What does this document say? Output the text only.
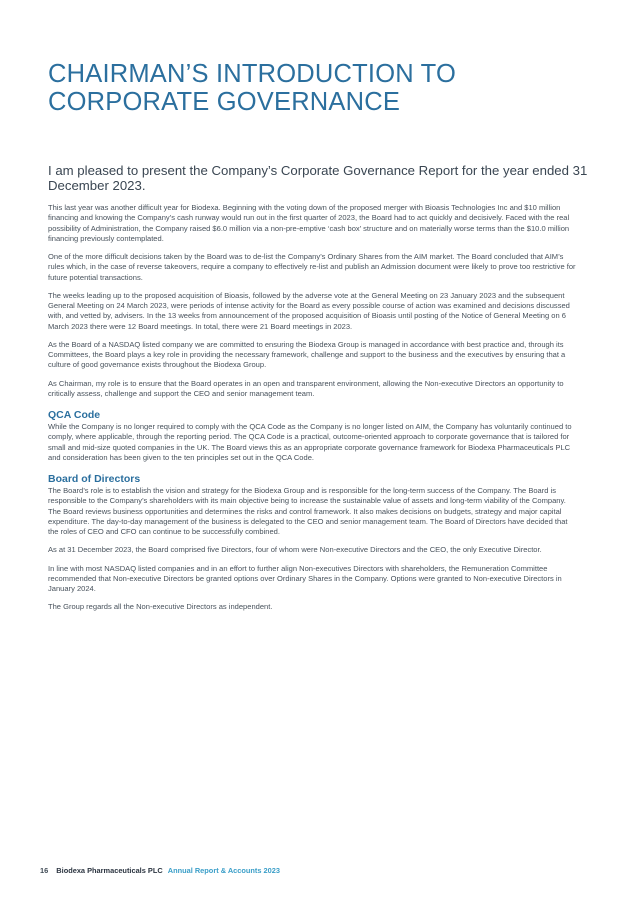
CHAIRMAN’S INTRODUCTION TO
CORPORATE GOVERNANCE

I am pleased to present the Company’s Corporate Governance Report for the year ended 31 December 2023.

This last year was another difficult year for Biodexa. Beginning with the voting down of the proposed merger with Bioasis Technologies Inc and $10 million financing and knowing the Company’s cash runway would run out in the first quarter of 2023, the Board had to act quickly and decisively. Faced with the real possibility of Administration, the Company raised $6.0 million via a non-pre-emptive ‘cash box’ structure and on materially worse terms than the $10.0 million financing previously contemplated.

One of the more difficult decisions taken by the Board was to de-list the Company’s Ordinary Shares from the AIM market. The Board concluded that AIM’s rules which, in the case of reverse takeovers, require a company to effectively re-list and publish an Admission document were likely to prove too restrictive for future potential transactions.

The weeks leading up to the proposed acquisition of Bioasis, followed by the adverse vote at the General Meeting on 23 January 2023 and the subsequent General Meeting on 24 March 2023, were periods of intense activity for the Board as every possible course of action was examined and decisions discussed with, and vetted by, advisers. In the 13 weeks from announcement of the proposed acquisition of Bioasis until posting of the Notice of General Meeting on 6 March 2023 there were 12 Board meetings. In total, there were 21 Board meetings in 2023.

As the Board of a NASDAQ listed company we are committed to ensuring the Biodexa Group is managed in accordance with best practice and, through its Committees, the Board plays a key role in providing the necessary framework, challenge and support to the business and the executives by ensuring that a culture of good governance exists throughout the Biodexa Group.

As Chairman, my role is to ensure that the Board operates in an open and transparent environment, allowing the Non-executive Directors an opportunity to critically assess, challenge and support the CEO and senior management team.

QCA Code

While the Company is no longer required to comply with the QCA Code as the Company is no longer listed on AIM, the Company has voluntarily continued to comply, where applicable, through the reporting period. The QCA Code is a practical, outcome-oriented approach to corporate governance that is tailored for small and mid-size quoted companies in the UK. The Board views this as an appropriate corporate governance framework for Biodexa Pharmaceuticals PLC and consideration has been given to the ten principles set out in the QCA Code.

Board of Directors

The Board’s role is to establish the vision and strategy for the Biodexa Group and is responsible for the long-term success of the Company. The Board is responsible to the Company’s shareholders with its main objective being to increase the sustainable value of assets and long-term viability of the Company. The Board reviews business opportunities and determines the risks and control framework. It also makes decisions on budgets, strategy and major capital expenditure. The day-to-day management of the business is delegated to the CEO and senior management team. The Board of Directors have decided that the roles of CEO and CFO can continue to be successfully combined.

As at 31 December 2023, the Board comprised five Directors, four of whom were Non-executive Directors and the CEO, the only Executive Director.

In line with most NASDAQ listed companies and in an effort to further align Non-executives Directors with shareholders, the Remuneration Committee recommended that Non-executive Directors be granted options over Ordinary Shares in the Company. Options were granted to Non-executive Directors in January 2024.

The Group regards all the Non-executive Directors as independent.

16 Biodexa Pharmaceuticals PLC Annual Report & Accounts 2023
